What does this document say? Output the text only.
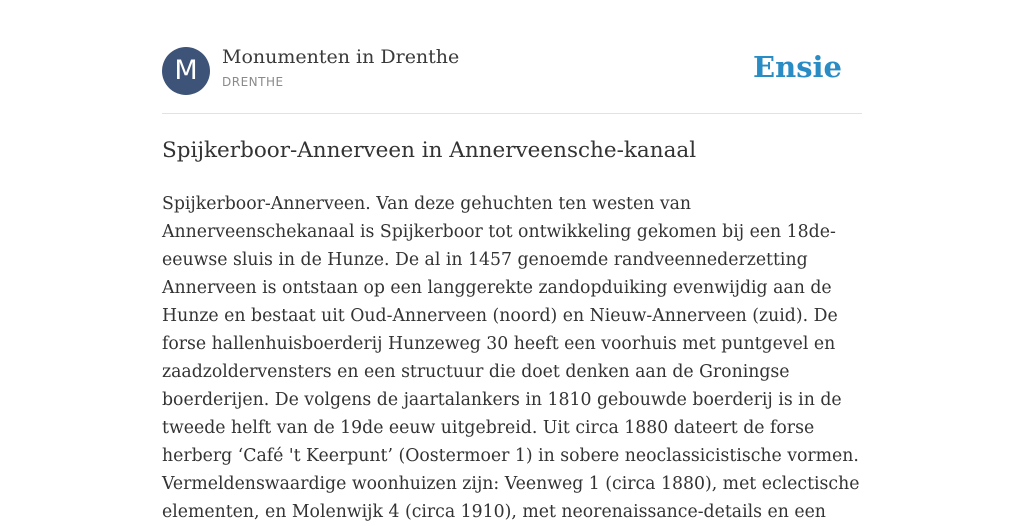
M	Monumenten in Drenthe
DRENTHE	Ensie
Spijkerboor-Annerveen in Annerveensche-kanaal

Spijkerboor-Annerveen. Van deze gehuchten ten westen van Annerveenschekanaal is Spijkerboor tot ontwikkeling gekomen bij een 18de-eeuwse sluis in de Hunze. De al in 1457 genoemde randveennederzetting Annerveen is ontstaan op een langgerekte zandopduiking evenwijdig aan de Hunze en bestaat uit Oud-Annerveen (noord) en Nieuw-Annerveen (zuid). De forse hallenhuisboerderij Hunzeweg 30 heeft een voorhuis met puntgevel en zaadzoldervensters en een structuur die doet denken aan de Groningse boerderijen. De volgens de jaartalankers in 1810 gebouwde boerderij is in de tweede helft van de 19de eeuw uitgebreid. Uit circa 1880 dateert de forse herberg ‘Café 't Keerpunt’ (Oostermoer 1) in sobere neoclassicistische vormen. Vermeldenswaardige woonhuizen zijn: Veenweg 1 (circa 1880), met eclectische elementen, en Molenwijk 4 (circa 1910), met neorenaissance-details en een
